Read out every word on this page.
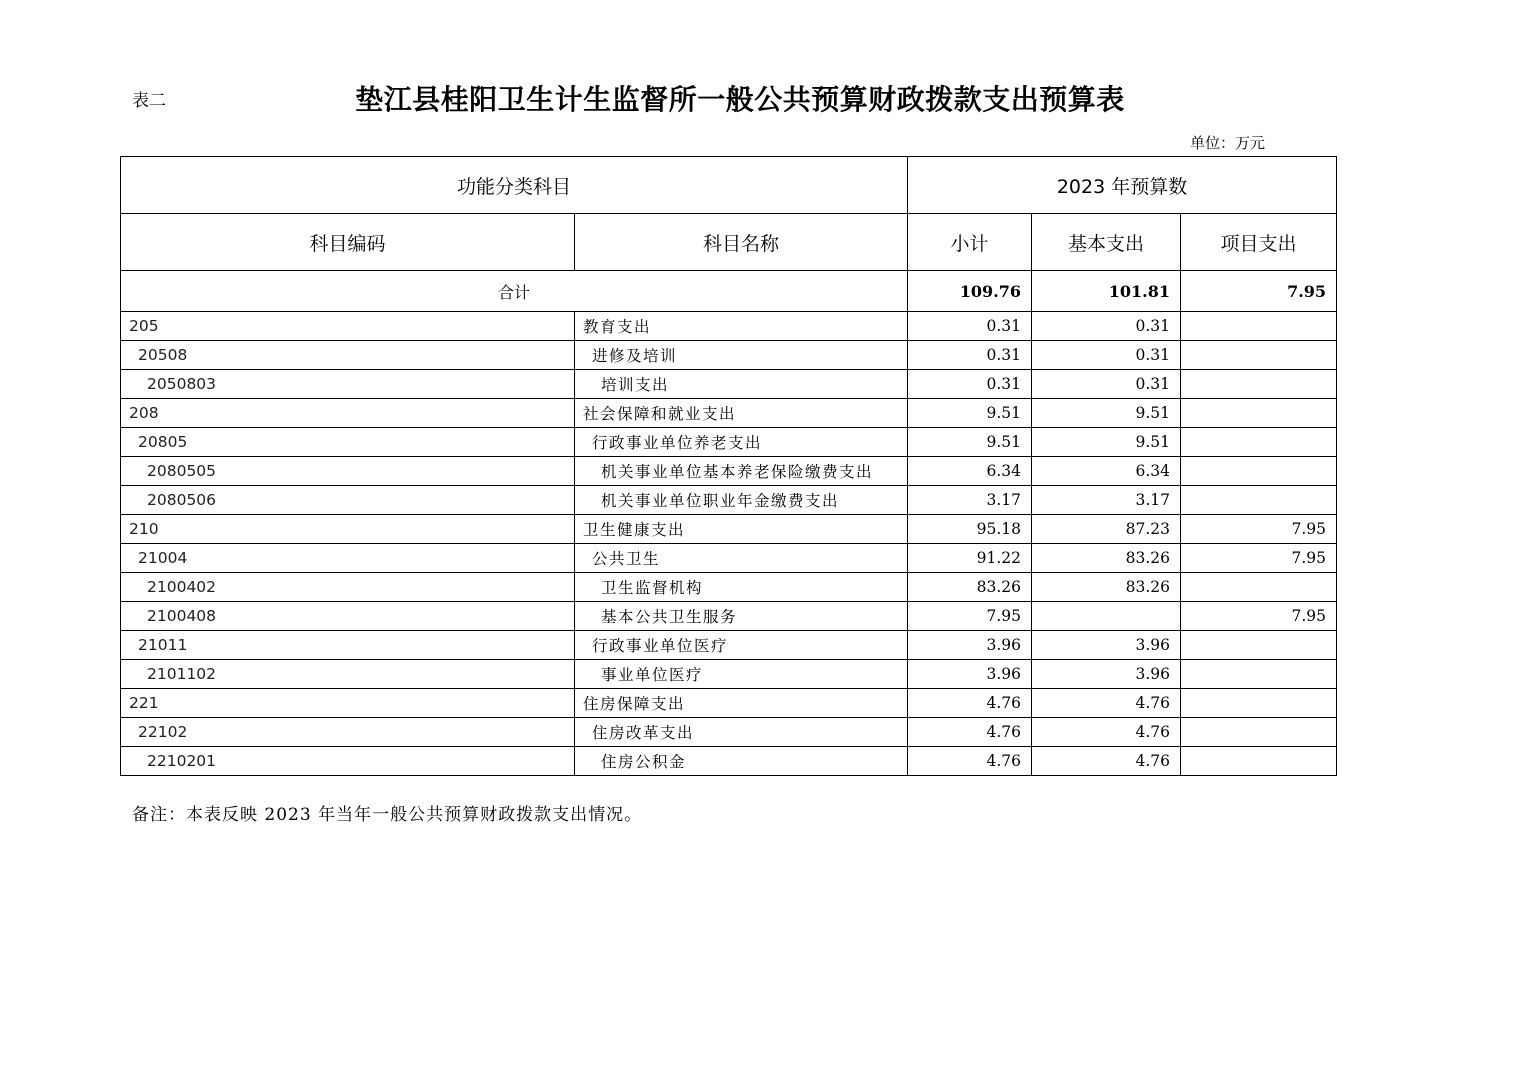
表二	垫江县桂阳卫生计生监督所一般公共预算财政拨款支出预算表
单位：万元
功能分类科目		2023 年预算数		
科目编码	科目名称	小计	基本支出	项目支出
合计		109.76	101.81	7.95
205	教育支出	0.31	0.31	
20508	进修及培训	0.31	0.31	
2050803	培训支出	0.31	0.31	
208	社会保障和就业支出	9.51	9.51	
20805	行政事业单位养老支出	9.51	9.51	
2080505	机关事业单位基本养老保险缴费支出	6.34	6.34	
2080506	机关事业单位职业年金缴费支出	3.17	3.17	
210	卫生健康支出	95.18	87.23	7.95
21004	公共卫生	91.22	83.26	7.95
2100402	卫生监督机构	83.26	83.26	
2100408	基本公共卫生服务	7.95		7.95
21011	行政事业单位医疗	3.96	3.96	
2101102	事业单位医疗	3.96	3.96	
221	住房保障支出	4.76	4.76	
22102	住房改革支出	4.76	4.76	
2210201	住房公积金	4.76	4.76	
备注：本表反映 2023 年当年一般公共预算财政拨款支出情况。
